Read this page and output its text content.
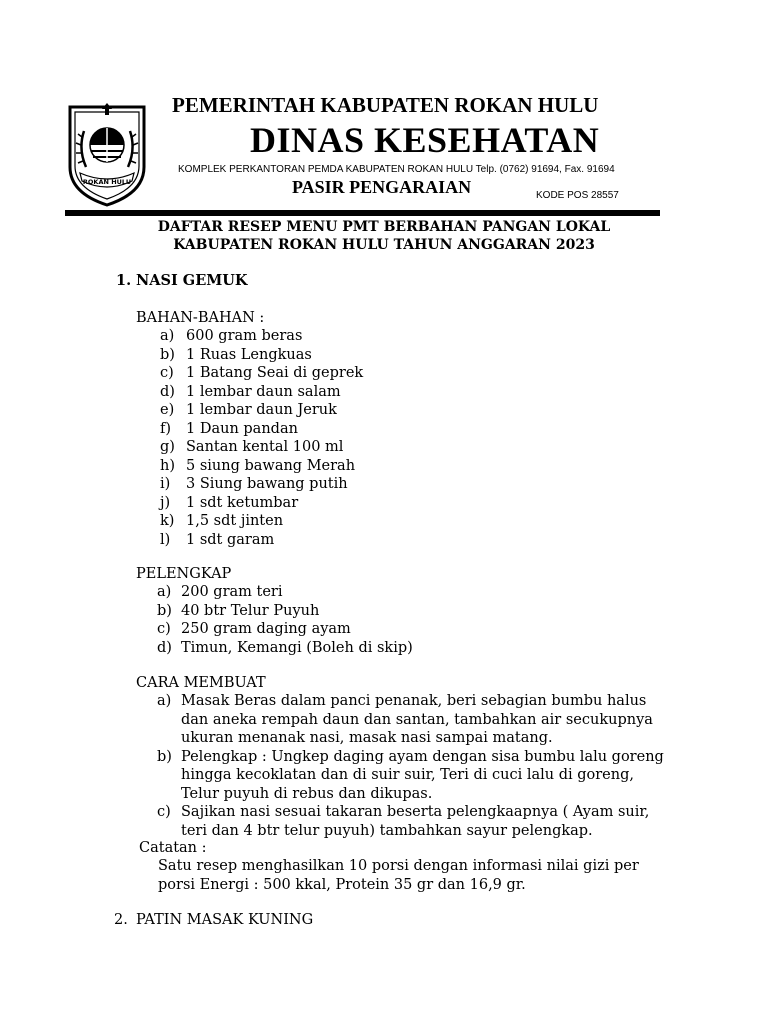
ROKAN HULU
PEMERINTAH KABUPATEN ROKAN HULU
DINAS KESEHATAN
KOMPLEK PERKANTORAN PEMDA KABUPATEN ROKAN HULU Telp. (0762) 91694, Fax. 91694
PASIR PENGARAIAN	KODE POS 28557
DAFTAR RESEP MENU PMT BERBAHAN PANGAN LOKAL
KABUPATEN ROKAN HULU TAHUN ANGGARAN 2023
1. NASI GEMUK
BAHAN-BAHAN :
a) 600 gram beras
b) 1 Ruas Lengkuas
c) 1 Batang Seai di geprek
d) 1 lembar daun salam
e) 1 lembar daun Jeruk
f) 1 Daun pandan
g) Santan kental 100 ml
h) 5 siung bawang Merah
i) 3 Siung bawang putih
j) 1 sdt ketumbar
k) 1,5 sdt jinten
l) 1 sdt garam
PELENGKAP
a) 200 gram teri
b) 40 btr Telur Puyuh
c) 250 gram daging ayam
d) Timun, Kemangi (Boleh di skip)
CARA MEMBUAT
a) Masak Beras dalam panci penanak, beri sebagian bumbu halus
dan aneka rempah daun dan santan, tambahkan air secukupnya
ukuran menanak nasi, masak nasi sampai matang.
b) Pelengkap : Ungkep daging ayam dengan sisa bumbu lalu goreng
hingga kecoklatan dan di suir suir, Teri di cuci lalu di goreng,
Telur puyuh di rebus dan dikupas.
c) Sajikan nasi sesuai takaran beserta pelengkaapnya ( Ayam suir,
teri dan 4 btr telur puyuh) tambahkan sayur pelengkap.
Catatan :
Satu resep menghasilkan 10 porsi dengan informasi nilai gizi per
porsi Energi : 500 kkal, Protein 35 gr dan 16,9 gr.
2. PATIN MASAK KUNING
